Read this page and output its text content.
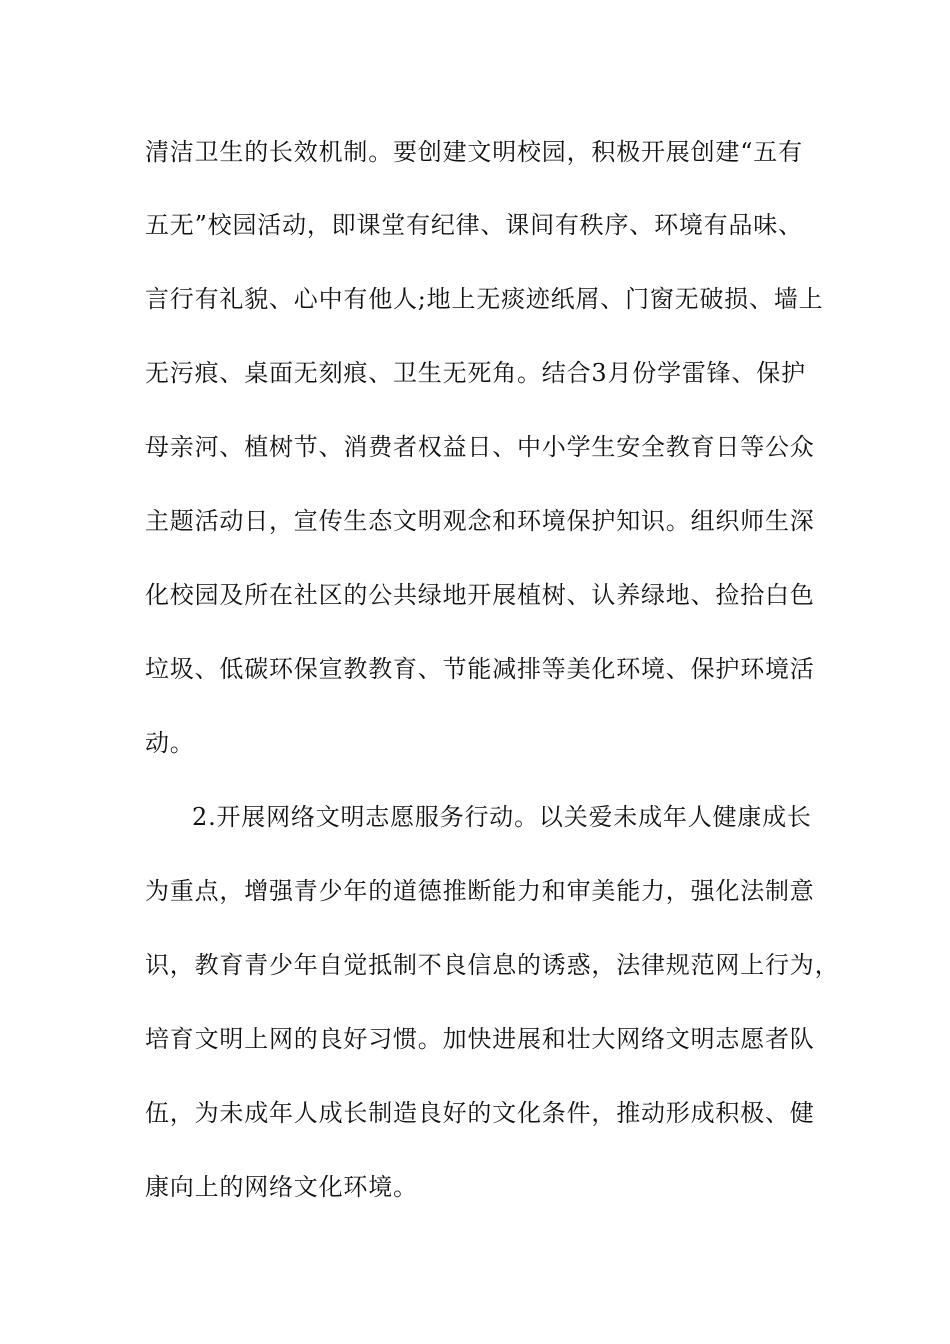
清洁卫生的长效机制。要创建文明校园，积极开展创建“五有
五无”校园活动，即课堂有纪律、课间有秩序、环境有品味、
言行有礼貌、心中有他人;地上无痰迹纸屑、门窗无破损、墙上
无污痕、桌面无刻痕、卫生无死角。结合3月份学雷锋、保护
母亲河、植树节、消费者权益日、中小学生安全教育日等公众
主题活动日，宣传生态文明观念和环境保护知识。组织师生深
化校园及所在社区的公共绿地开展植树、认养绿地、捡拾白色
垃圾、低碳环保宣教教育、节能减排等美化环境、保护环境活
动。
2.开展网络文明志愿服务行动。以关爱未成年人健康成长
为重点，增强青少年的道德推断能力和审美能力，强化法制意
识，教育青少年自觉抵制不良信息的诱惑，法律规范网上行为，
培育文明上网的良好习惯。加快进展和壮大网络文明志愿者队
伍，为未成年人成长制造良好的文化条件，推动形成积极、健
康向上的网络文化环境。
